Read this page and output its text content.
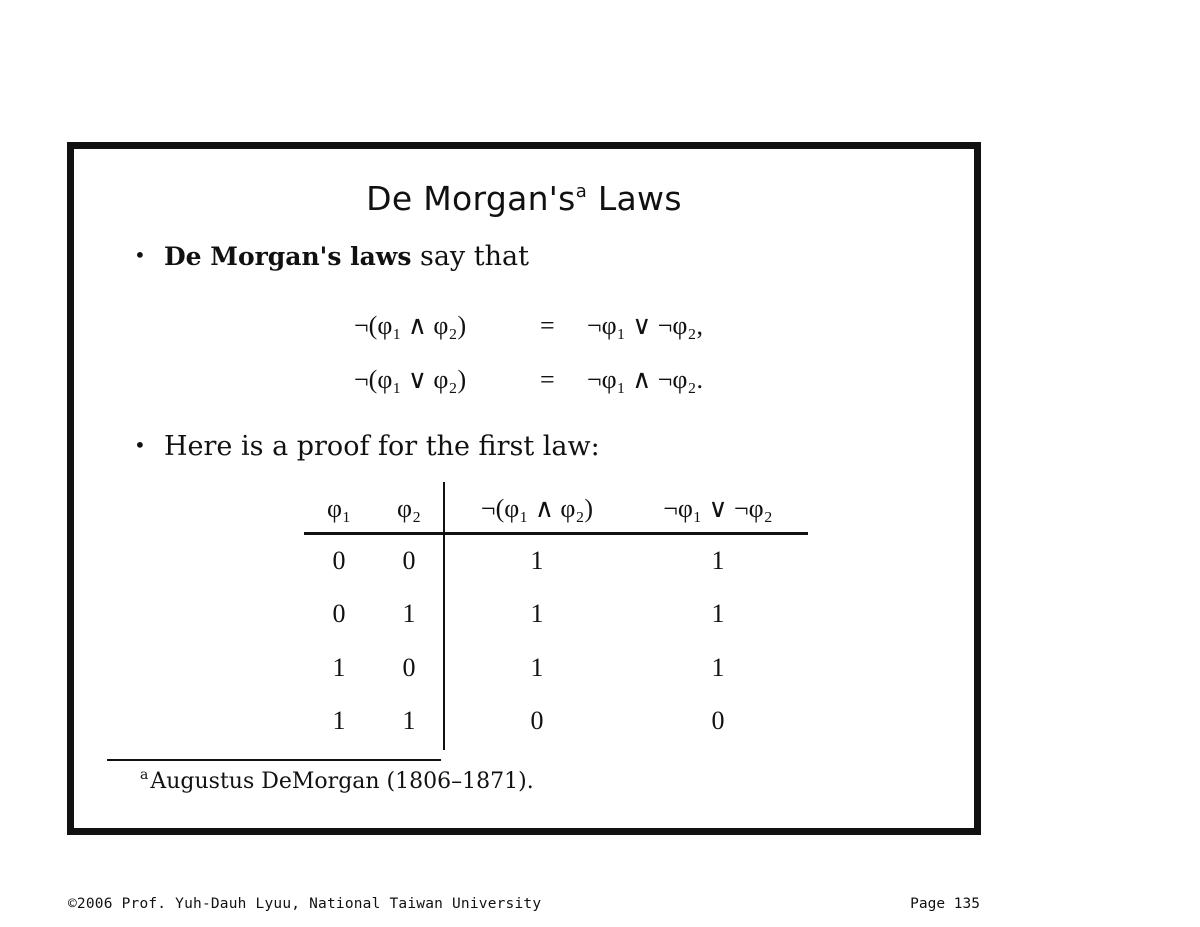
De $Morgan's^a$ Laws
• De Morgan's laws say that
¬(φ₁ ∧ φ₂)	= ¬φ₁ ∨ ¬φ₂,
¬(φ₁ ∨ φ₂)	= ¬φ₁ ∧ ¬φ₂.
• Here is a proof for the first law:
φ₁ φ₂ ¬(φ₁ ∧ φ₂)	¬φ₁ ∨ ¬φ₂
0 0	1	1
0 1	1	1
1 0	1	1
1 1	0	0
$^a$Augustus DeMorgan (1806–1871).
©2006 Prof. Yuh-Dauh Lyuu, National Taiwan University	Page 135
